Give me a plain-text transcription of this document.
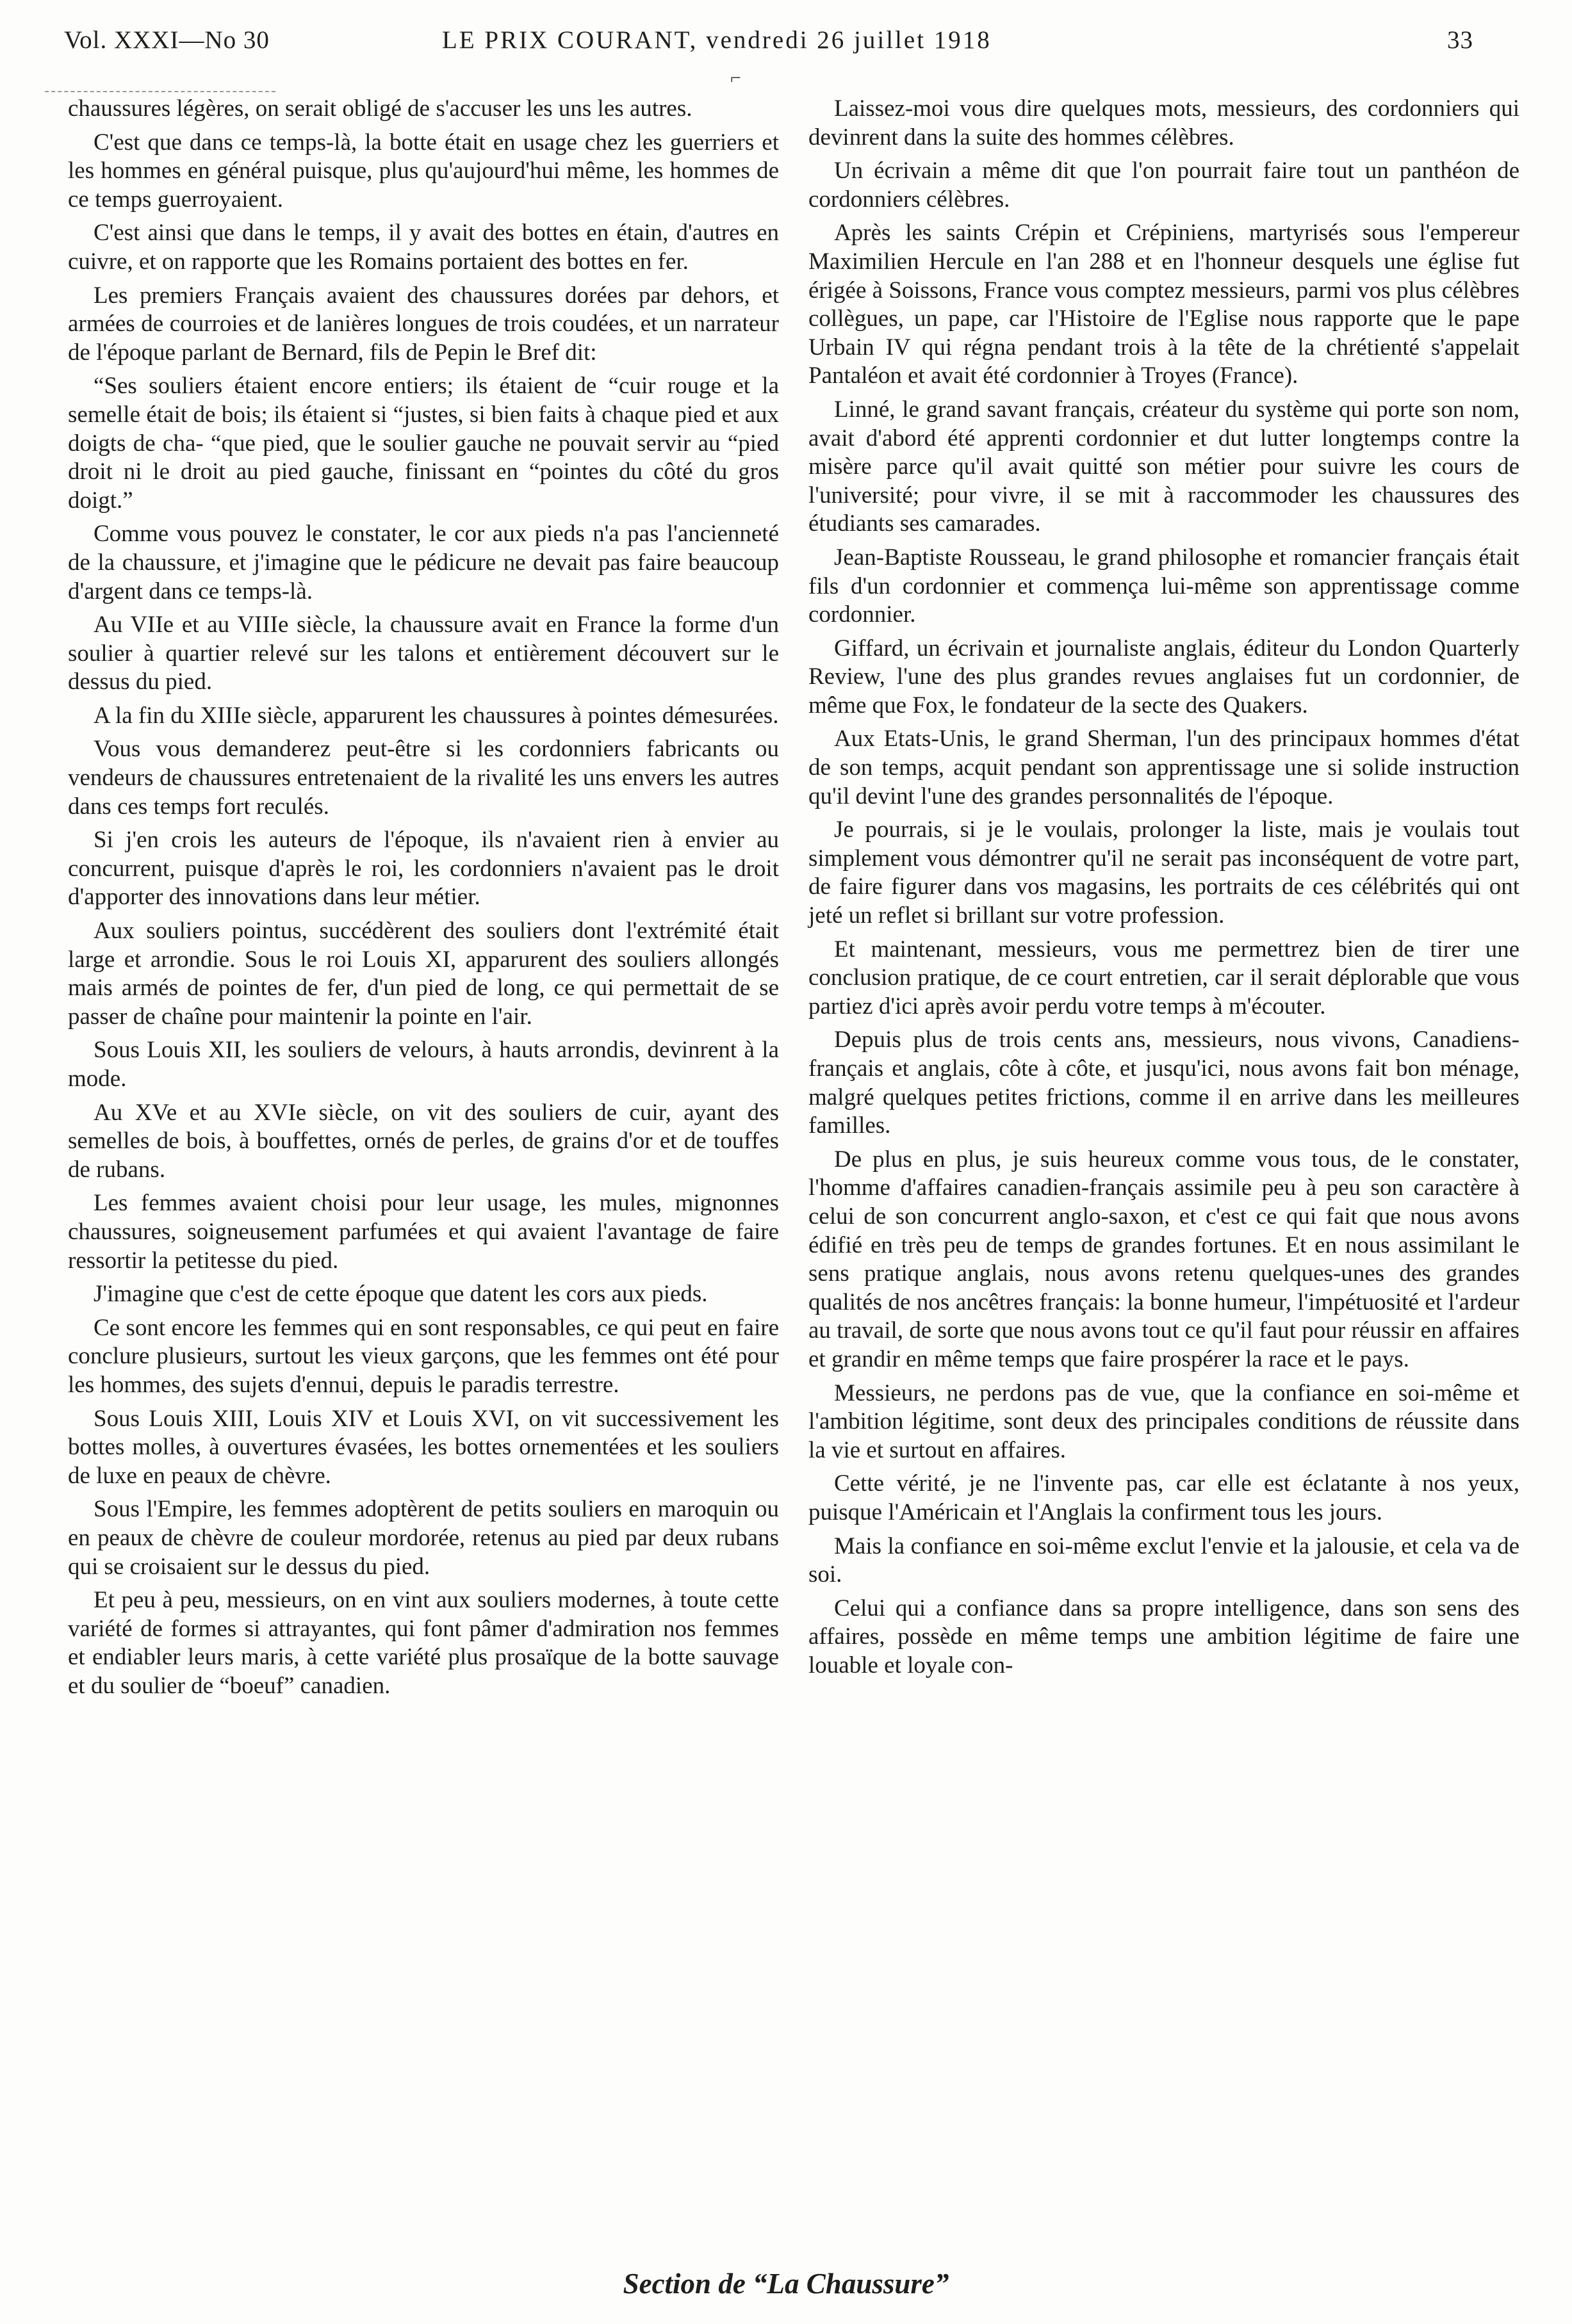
Vol. XXXI—No 30	LE PRIX COURANT, vendredi 26 juillet 1918	33
⌐

chaussures légères, on serait obligé de s'accuser les uns les autres.

C'est que dans ce temps-là, la botte était en usage chez les guerriers et les hommes en général puisque, plus qu'aujourd'hui même, les hommes de ce temps guerroyaient.

C'est ainsi que dans le temps, il y avait des bottes en étain, d'autres en cuivre, et on rapporte que les Romains portaient des bottes en fer.

Les premiers Français avaient des chaussures dorées par dehors, et armées de courroies et de lanières longues de trois coudées, et un narrateur de l'époque parlant de Bernard, fils de Pepin le Bref dit:

“Ses souliers étaient encore entiers; ils étaient de “cuir rouge et la semelle était de bois; ils étaient si “justes, si bien faits à chaque pied et aux doigts de cha- “que pied, que le soulier gauche ne pouvait servir au “pied droit ni le droit au pied gauche, finissant en “pointes du côté du gros doigt.”

Comme vous pouvez le constater, le cor aux pieds n'a pas l'ancienneté de la chaussure, et j'imagine que le pédicure ne devait pas faire beaucoup d'argent dans ce temps-là.

Au VIIe et au VIIIe siècle, la chaussure avait en France la forme d'un soulier à quartier relevé sur les talons et entièrement découvert sur le dessus du pied.

A la fin du XIIIe siècle, apparurent les chaussures à pointes démesurées.

Vous vous demanderez peut-être si les cordonniers fabricants ou vendeurs de chaussures entretenaient de la rivalité les uns envers les autres dans ces temps fort reculés.

Si j'en crois les auteurs de l'époque, ils n'avaient rien à envier au concurrent, puisque d'après le roi, les cordonniers n'avaient pas le droit d'apporter des innovations dans leur métier.

Aux souliers pointus, succédèrent des souliers dont l'extrémité était large et arrondie. Sous le roi Louis XI, apparurent des souliers allongés mais armés de pointes de fer, d'un pied de long, ce qui permettait de se passer de chaîne pour maintenir la pointe en l'air.

Sous Louis XII, les souliers de velours, à hauts arrondis, devinrent à la mode.

Au XVe et au XVIe siècle, on vit des souliers de cuir, ayant des semelles de bois, à bouffettes, ornés de perles, de grains d'or et de touffes de rubans.

Les femmes avaient choisi pour leur usage, les mules, mignonnes chaussures, soigneusement parfumées et qui avaient l'avantage de faire ressortir la petitesse du pied.

J'imagine que c'est de cette époque que datent les cors aux pieds.

Ce sont encore les femmes qui en sont responsables, ce qui peut en faire conclure plusieurs, surtout les vieux garçons, que les femmes ont été pour les hommes, des sujets d'ennui, depuis le paradis terrestre.

Sous Louis XIII, Louis XIV et Louis XVI, on vit successivement les bottes molles, à ouvertures évasées, les bottes ornementées et les souliers de luxe en peaux de chèvre.

Sous l'Empire, les femmes adoptèrent de petits souliers en maroquin ou en peaux de chèvre de couleur mordorée, retenus au pied par deux rubans qui se croisaient sur le dessus du pied.

Et peu à peu, messieurs, on en vint aux souliers modernes, à toute cette variété de formes si attrayantes, qui font pâmer d'admiration nos femmes et endiabler leurs maris, à cette variété plus prosaïque de la botte sauvage et du soulier de “boeuf” canadien.

Laissez-moi vous dire quelques mots, messieurs, des cordonniers qui devinrent dans la suite des hommes célèbres.

Un écrivain a même dit que l'on pourrait faire tout un panthéon de cordonniers célèbres.

Après les saints Crépin et Crépiniens, martyrisés sous l'empereur Maximilien Hercule en l'an 288 et en l'honneur desquels une église fut érigée à Soissons, France vous comptez messieurs, parmi vos plus célèbres collègues, un pape, car l'Histoire de l'Eglise nous rapporte que le pape Urbain IV qui régna pendant trois à la tête de la chrétienté s'appelait Pantaléon et avait été cordonnier à Troyes (France).

Linné, le grand savant français, créateur du système qui porte son nom, avait d'abord été apprenti cordonnier et dut lutter longtemps contre la misère parce qu'il avait quitté son métier pour suivre les cours de l'université; pour vivre, il se mit à raccommoder les chaussures des étudiants ses camarades.

Jean-Baptiste Rousseau, le grand philosophe et romancier français était fils d'un cordonnier et commença lui-même son apprentissage comme cordonnier.

Giffard, un écrivain et journaliste anglais, éditeur du London Quarterly Review, l'une des plus grandes revues anglaises fut un cordonnier, de même que Fox, le fondateur de la secte des Quakers.

Aux Etats-Unis, le grand Sherman, l'un des principaux hommes d'état de son temps, acquit pendant son apprentissage une si solide instruction qu'il devint l'une des grandes personnalités de l'époque.

Je pourrais, si je le voulais, prolonger la liste, mais je voulais tout simplement vous démontrer qu'il ne serait pas inconséquent de votre part, de faire figurer dans vos magasins, les portraits de ces célébrités qui ont jeté un reflet si brillant sur votre profession.

Et maintenant, messieurs, vous me permettrez bien de tirer une conclusion pratique, de ce court entretien, car il serait déplorable que vous partiez d'ici après avoir perdu votre temps à m'écouter.

Depuis plus de trois cents ans, messieurs, nous vivons, Canadiens-français et anglais, côte à côte, et jusqu'ici, nous avons fait bon ménage, malgré quelques petites frictions, comme il en arrive dans les meilleures familles.

De plus en plus, je suis heureux comme vous tous, de le constater, l'homme d'affaires canadien-français assimile peu à peu son caractère à celui de son concurrent anglo-saxon, et c'est ce qui fait que nous avons édifié en très peu de temps de grandes fortunes. Et en nous assimilant le sens pratique anglais, nous avons retenu quelques-unes des grandes qualités de nos ancêtres français: la bonne humeur, l'impétuosité et l'ardeur au travail, de sorte que nous avons tout ce qu'il faut pour réussir en affaires et grandir en même temps que faire prospérer la race et le pays.

Messieurs, ne perdons pas de vue, que la confiance en soi-même et l'ambition légitime, sont deux des principales conditions de réussite dans la vie et surtout en affaires.

Cette vérité, je ne l'invente pas, car elle est éclatante à nos yeux, puisque l'Américain et l'Anglais la confirment tous les jours.

Mais la confiance en soi-même exclut l'envie et la jalousie, et cela va de soi.

Celui qui a confiance dans sa propre intelligence, dans son sens des affaires, possède en même temps une ambition légitime de faire une louable et loyale con-

Section de “La Chaussure”
